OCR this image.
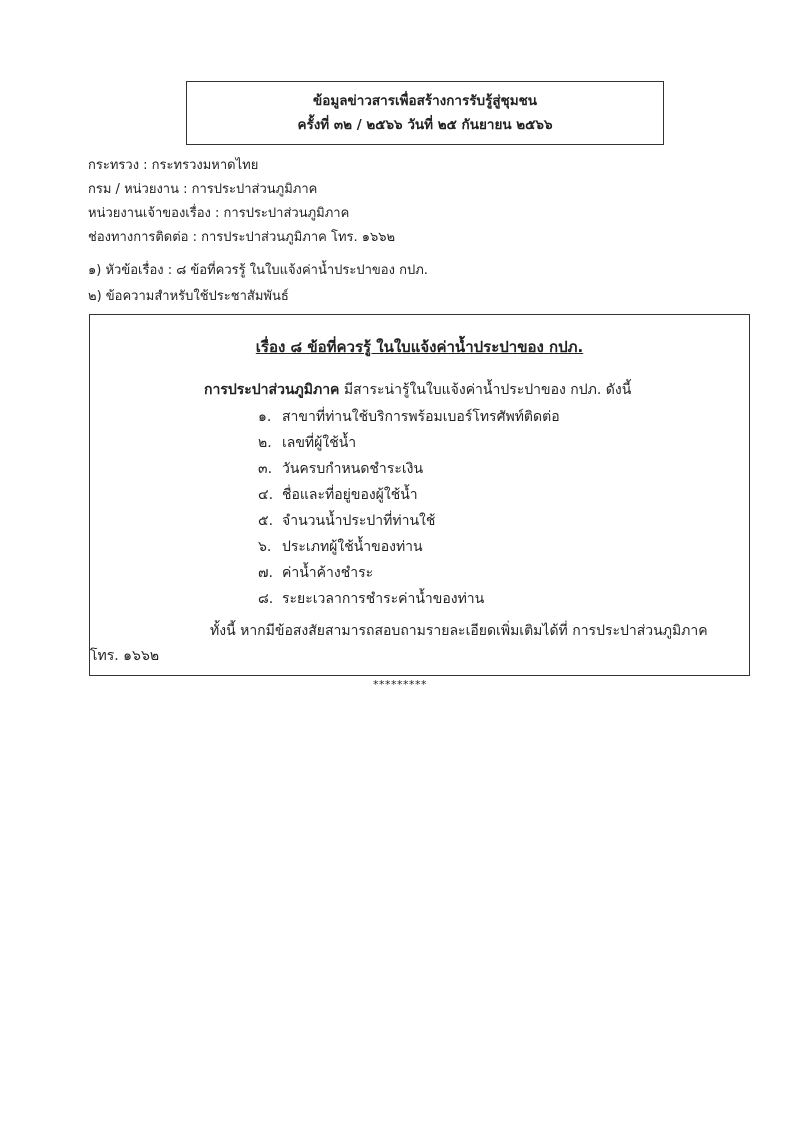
ข้อมูลข่าวสารเพื่อสร้างการรับรู้สู่ชุมชน
ครั้งที่ ๓๒ / ๒๕๖๖ วันที่ ๒๕ กันยายน ๒๕๖๖
กระทรวง : กระทรวงมหาดไทย
กรม / หน่วยงาน : การประปาส่วนภูมิภาค
หน่วยงานเจ้าของเรื่อง : การประปาส่วนภูมิภาค
ช่องทางการติดต่อ : การประปาส่วนภูมิภาค โทร. ๑๖๖๒
๑) หัวข้อเรื่อง : ๘ ข้อที่ควรรู้ ในใบแจ้งค่าน้ำประปาของ กปภ.
๒) ข้อความสำหรับใช้ประชาสัมพันธ์
เรื่อง ๘ ข้อที่ควรรู้ ในใบแจ้งค่าน้ำประปาของ กปภ.
การประปาส่วนภูมิภาค มีสาระน่ารู้ในใบแจ้งค่าน้ำประปาของ กปภ. ดังนี้
๑. สาขาที่ท่านใช้บริการพร้อมเบอร์โทรศัพท์ติดต่อ
๒. เลขที่ผู้ใช้น้ำ
๓. วันครบกำหนดชำระเงิน
๔. ชื่อและที่อยู่ของผู้ใช้น้ำ
๕. จำนวนน้ำประปาที่ท่านใช้
๖. ประเภทผู้ใช้น้ำของท่าน
๗. ค่าน้ำค้างชำระ
๘. ระยะเวลาการชำระค่าน้ำของท่าน
ทั้งนี้ หากมีข้อสงสัยสามารถสอบถามรายละเอียดเพิ่มเติมได้ที่ การประปาส่วนภูมิภาค
โทร. ๑๖๖๒
*********
